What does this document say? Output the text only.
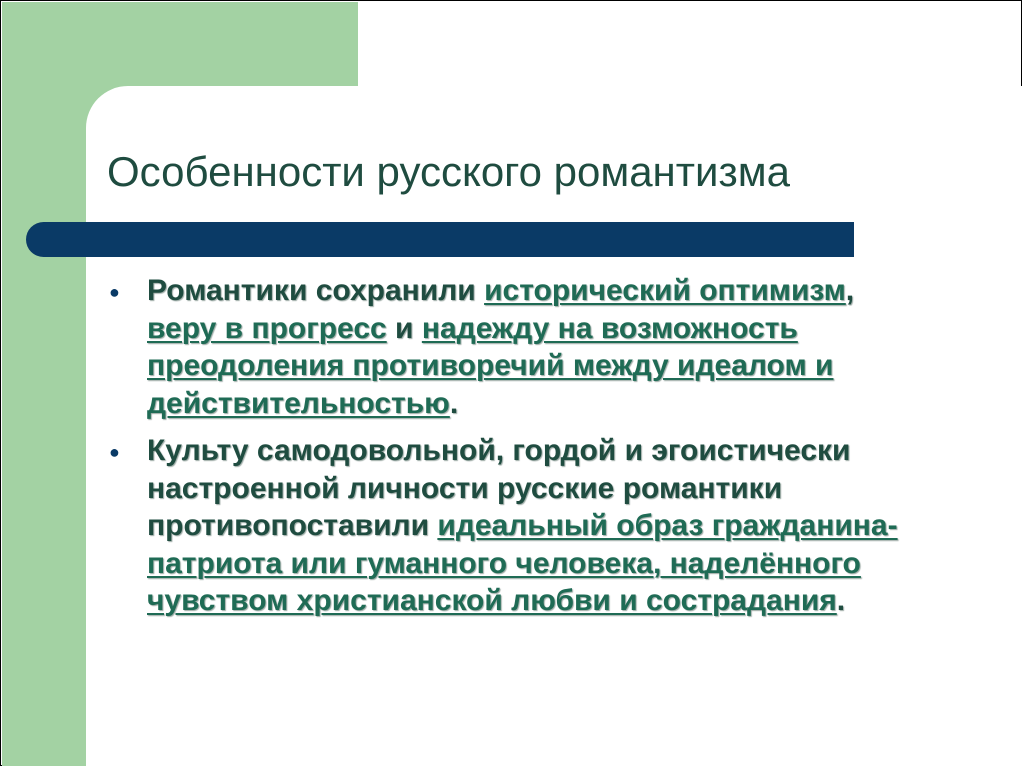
Особенности русского романтизма
● Романтики сохранили исторический оптимизм, веру в прогресс и надежду на возможность преодоления противоречий между идеалом и действительностью.
● Культу самодовольной, гордой и эгоистически настроенной личности русские романтики противопоставили идеальный образ гражданина-патриота или гуманного человека, наделённого чувством христианской любви и сострадания.
